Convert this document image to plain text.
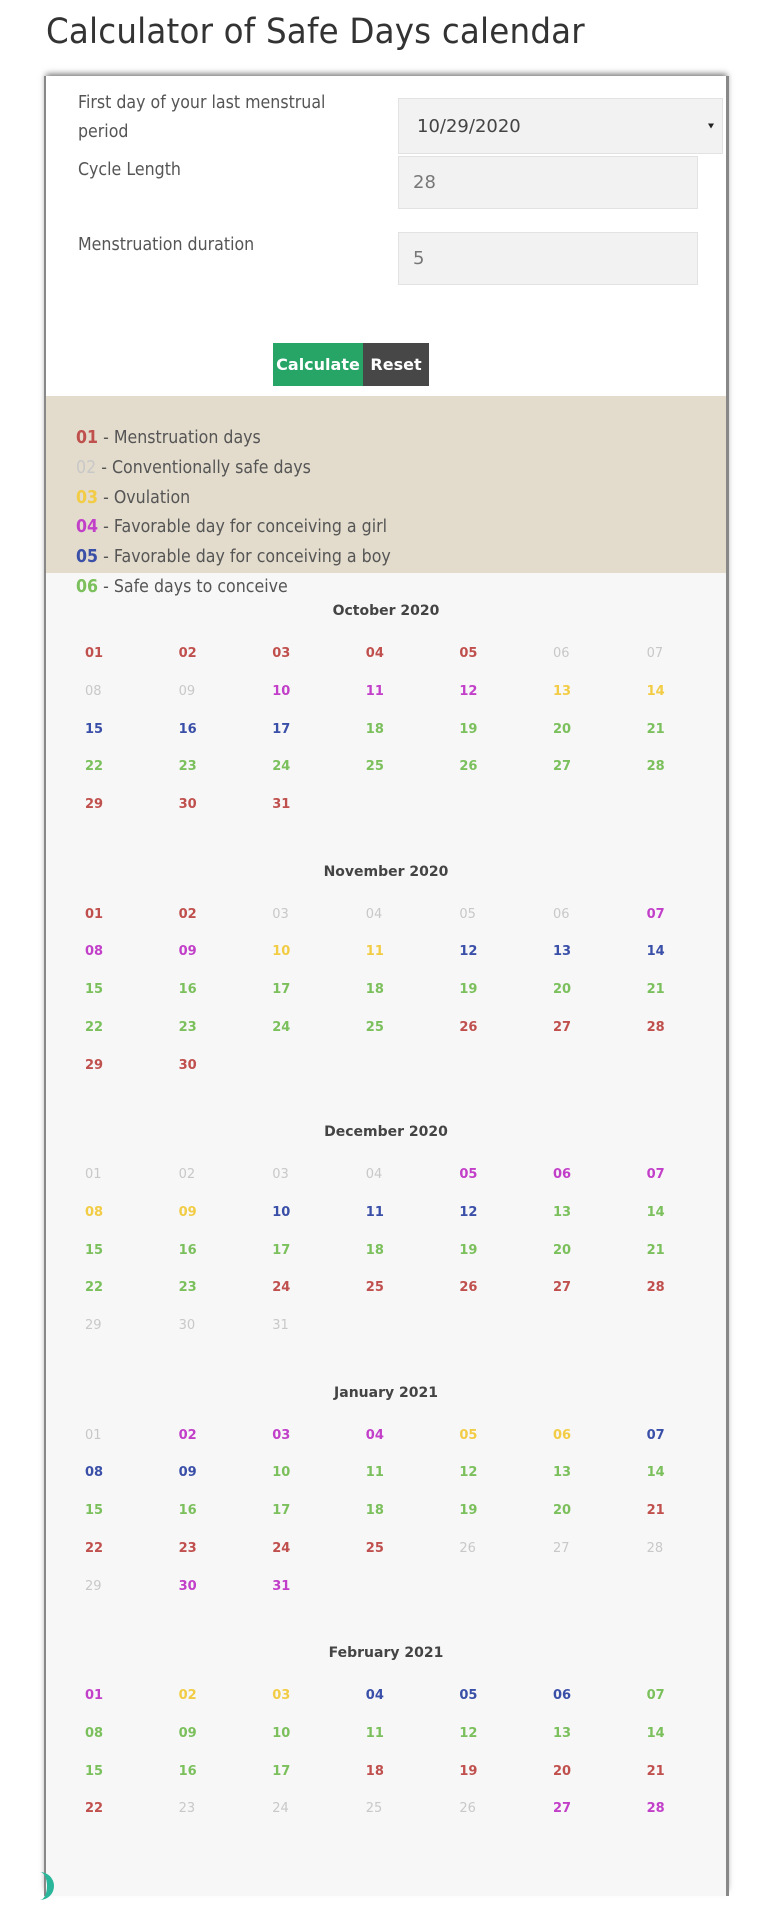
Calculator of Safe Days calendar
First day of your last menstrual period	10/29/2020
Cycle Length
28
Menstruation duration
5
Calculate Reset
01 - Menstruation days
02 - Conventionally safe days
03 - Ovulation
04 - Favorable day for conceiving a girl
05 - Favorable day for conceiving a boy
06 - Safe days to conceive
October 2020
01	02	03	04	05	06	07
08	09	10	11	12	13	14
15	16	17	18	19	20	21
22	23	24	25	26	27	28
29	30	31
November 2020
01	02	03	04	05	06	07
08	09	10	11	12	13	14
15	16	17	18	19	20	21
22	23	24	25	26	27	28
29	30
December 2020
01	02	03	04	05	06	07
08	09	10	11	12	13	14
15	16	17	18	19	20	21
22	23	24	25	26	27	28
29	30	31
January 2021
01	02	03	04	05	06	07
08	09	10	11	12	13	14
15	16	17	18	19	20	21
22	23	24	25	26	27	28
29	30	31
February 2021
01	02	03	04	05	06	07
08	09	10	11	12	13	14
15	16	17	18	19	20	21
22	23	24	25	26	27	28
